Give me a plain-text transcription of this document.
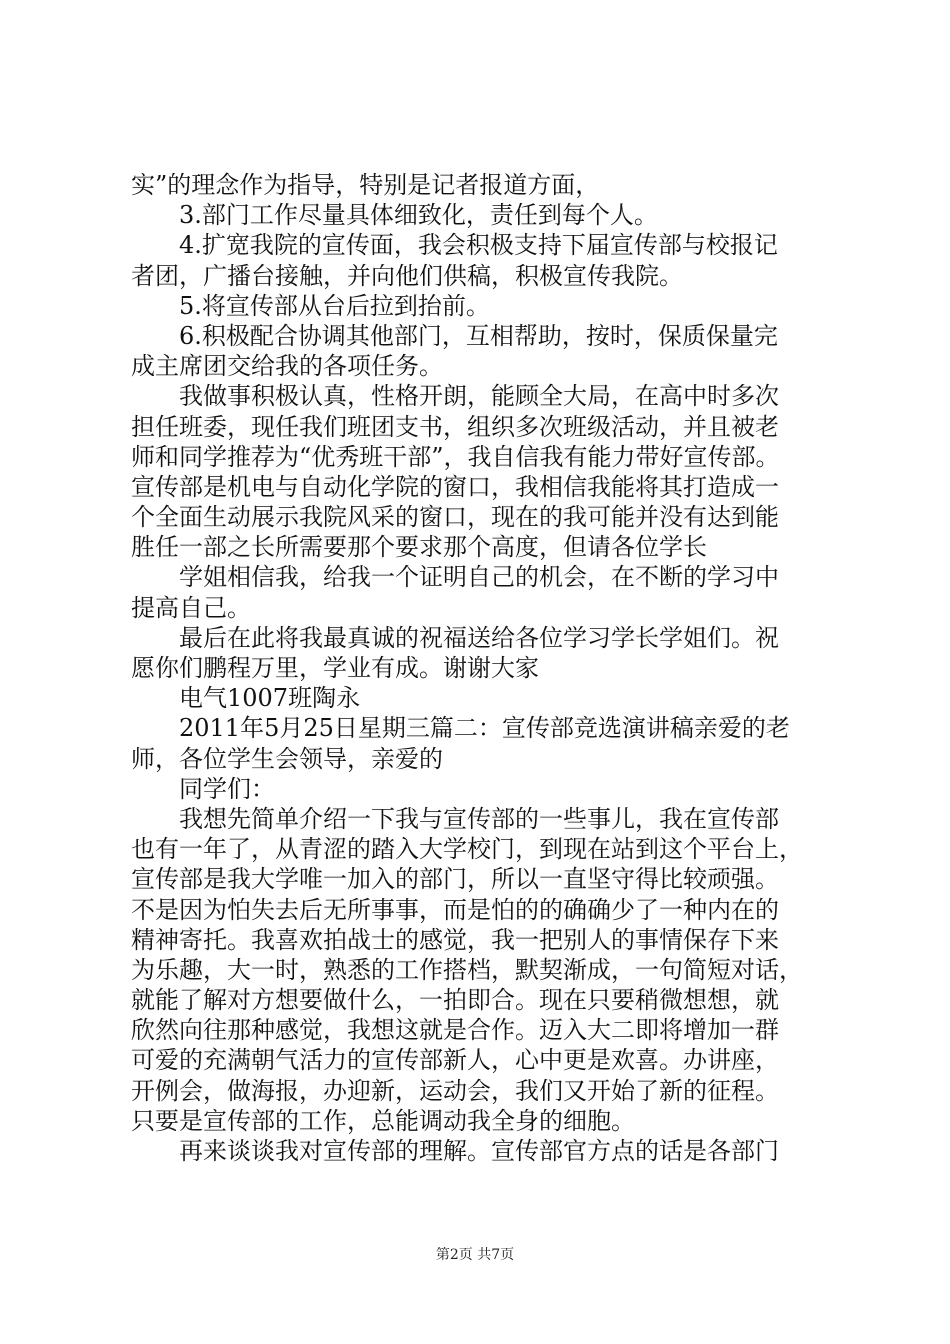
实”的理念作为指导，特别是记者报道方面，
3.部门工作尽量具体细致化，责任到每个人。
4.扩宽我院的宣传面，我会积极支持下届宣传部与校报记
者团，广播台接触，并向他们供稿，积极宣传我院。
5.将宣传部从台后拉到抬前。
6.积极配合协调其他部门，互相帮助，按时，保质保量完
成主席团交给我的各项任务。
我做事积极认真，性格开朗，能顾全大局，在高中时多次
担任班委，现任我们班团支书，组织多次班级活动，并且被老
师和同学推荐为“优秀班干部”，我自信我有能力带好宣传部。
宣传部是机电与自动化学院的窗口，我相信我能将其打造成一
个全面生动展示我院风采的窗口，现在的我可能并没有达到能
胜任一部之长所需要那个要求那个高度，但请各位学长
学姐相信我，给我一个证明自己的机会，在不断的学习中
提高自己。
最后在此将我最真诚的祝福送给各位学习学长学姐们。祝
愿你们鹏程万里，学业有成。谢谢大家
电气1007班陶永
2011年5月25日星期三篇二：宣传部竞选演讲稿亲爱的老
师，各位学生会领导，亲爱的
同学们：
我想先简单介绍一下我与宣传部的一些事儿，我在宣传部
也有一年了，从青涩的踏入大学校门，到现在站到这个平台上，
宣传部是我大学唯一加入的部门，所以一直坚守得比较顽强。
不是因为怕失去后无所事事，而是怕的的确确少了一种内在的
精神寄托。我喜欢拍战士的感觉，我一把别人的事情保存下来
为乐趣，大一时，熟悉的工作搭档，默契渐成，一句简短对话，
就能了解对方想要做什么，一拍即合。现在只要稍微想想，就
欣然向往那种感觉，我想这就是合作。迈入大二即将增加一群
可爱的充满朝气活力的宣传部新人，心中更是欢喜。办讲座，
开例会，做海报，办迎新，运动会，我们又开始了新的征程。
只要是宣传部的工作，总能调动我全身的细胞。
再来谈谈我对宣传部的理解。宣传部官方点的话是各部门
第2页 共7页
